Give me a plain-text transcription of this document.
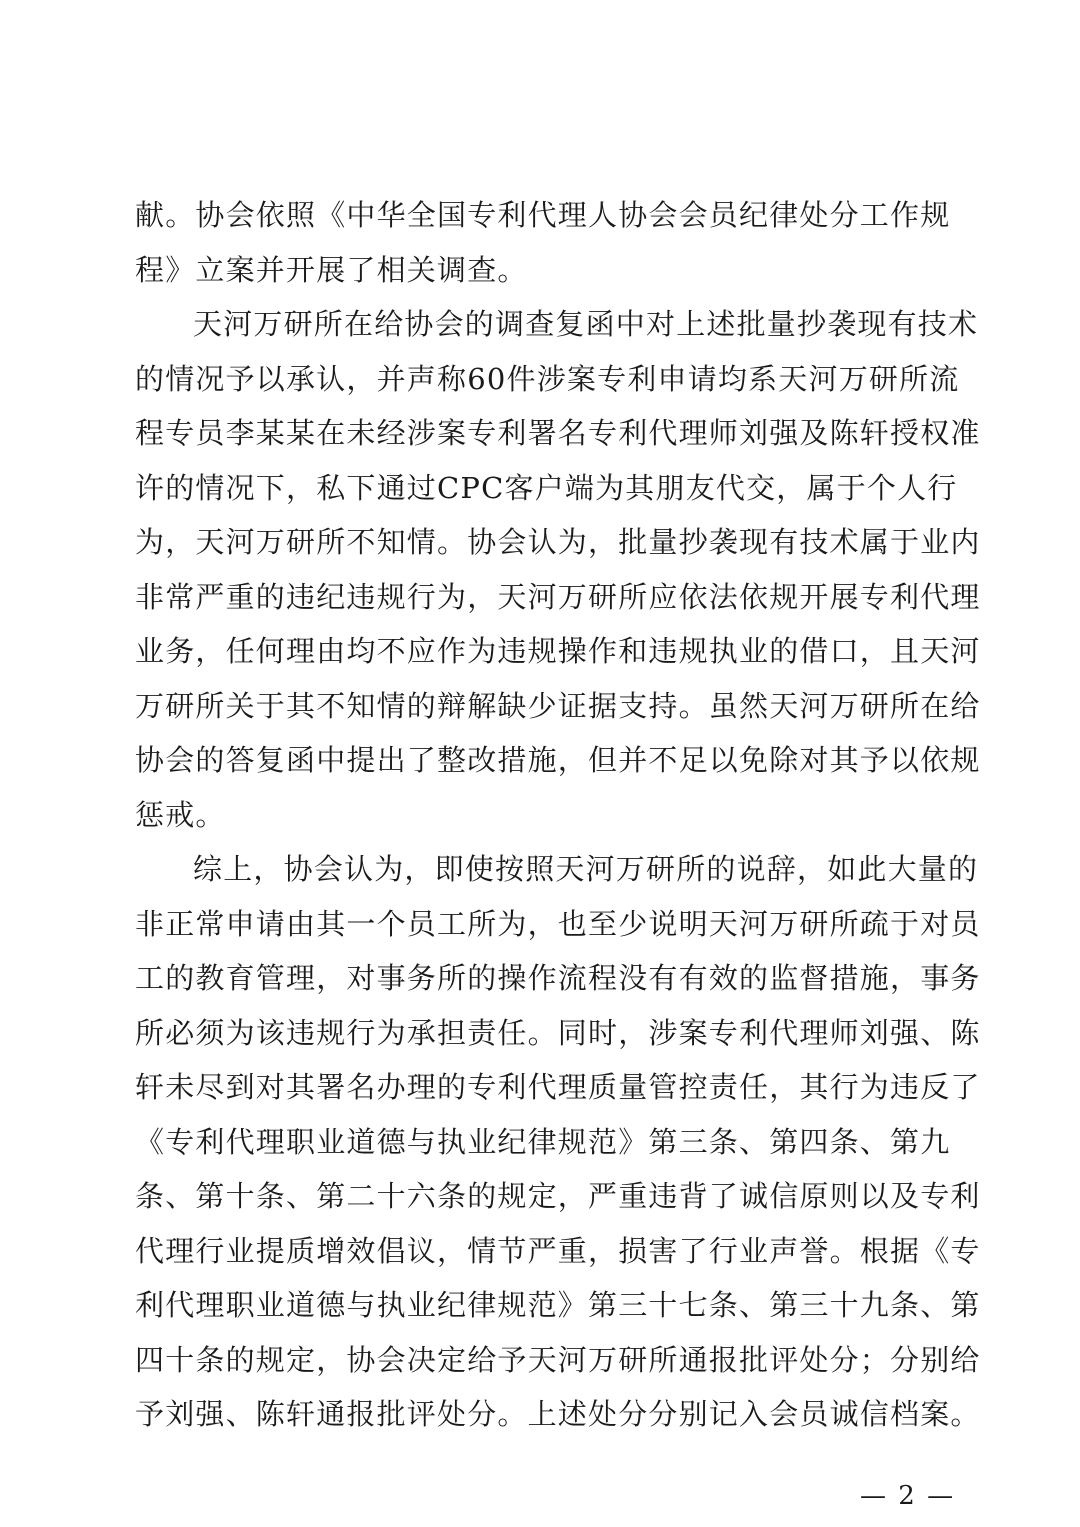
献。协会依照《中华全国专利代理人协会会员纪律处分工作规
程》立案并开展了相关调查。
天河万研所在给协会的调查复函中对上述批量抄袭现有技术
的情况予以承认，并声称60件涉案专利申请均系天河万研所流
程专员李某某在未经涉案专利署名专利代理师刘强及陈轩授权准
许的情况下，私下通过CPC客户端为其朋友代交，属于个人行
为，天河万研所不知情。协会认为，批量抄袭现有技术属于业内
非常严重的违纪违规行为，天河万研所应依法依规开展专利代理
业务，任何理由均不应作为违规操作和违规执业的借口，且天河
万研所关于其不知情的辩解缺少证据支持。虽然天河万研所在给
协会的答复函中提出了整改措施，但并不足以免除对其予以依规
惩戒。
综上，协会认为，即使按照天河万研所的说辞，如此大量的
非正常申请由其一个员工所为，也至少说明天河万研所疏于对员
工的教育管理，对事务所的操作流程没有有效的监督措施，事务
所必须为该违规行为承担责任。同时，涉案专利代理师刘强、陈
轩未尽到对其署名办理的专利代理质量管控责任，其行为违反了
《专利代理职业道德与执业纪律规范》第三条、第四条、第九
条、第十条、第二十六条的规定，严重违背了诚信原则以及专利
代理行业提质增效倡议，情节严重，损害了行业声誉。根据《专
利代理职业道德与执业纪律规范》第三十七条、第三十九条、第
四十条的规定，协会决定给予天河万研所通报批评处分；分别给
予刘强、陈轩通报批评处分。上述处分分别记入会员诚信档案。
— 2 —
